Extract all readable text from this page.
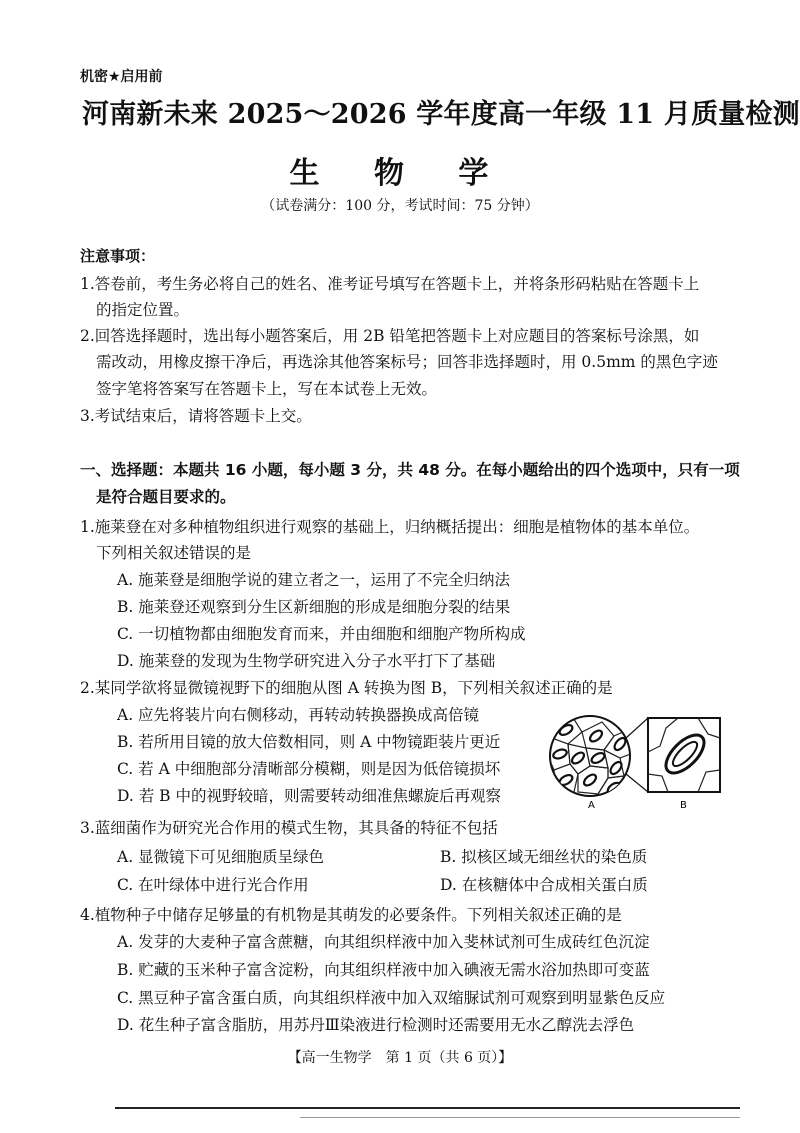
机密★启用前
河南新未来 2025～2026 学年度高一年级 11 月质量检测
生 物 学
（试卷满分：100 分，考试时间：75 分钟）
注意事项：
1.答卷前，考生务必将自己的姓名、准考证号填写在答题卡上，并将条形码粘贴在答题卡上
的指定位置。
2.回答选择题时，选出每小题答案后，用 2B 铅笔把答题卡上对应题目的答案标号涂黑，如
需改动，用橡皮擦干净后，再选涂其他答案标号；回答非选择题时，用 0.5mm 的黑色字迹
签字笔将答案写在答题卡上，写在本试卷上无效。
3.考试结束后，请将答题卡上交。
一、选择题：本题共 16 小题，每小题 3 分，共 48 分。在每小题给出的四个选项中，只有一项
是符合题目要求的。
1.施莱登在对多种植物组织进行观察的基础上，归纳概括提出：细胞是植物体的基本单位。
下列相关叙述错误的是
A. 施莱登是细胞学说的建立者之一，运用了不完全归纳法
B. 施莱登还观察到分生区新细胞的形成是细胞分裂的结果
C. 一切植物都由细胞发育而来，并由细胞和细胞产物所构成
D. 施莱登的发现为生物学研究进入分子水平打下了基础
2.某同学欲将显微镜视野下的细胞从图 A 转换为图 B，下列相关叙述正确的是
A. 应先将装片向右侧移动，再转动转换器换成高倍镜
B. 若所用目镜的放大倍数相同，则 A 中物镜距装片更近
C. 若 A 中细胞部分清晰部分模糊，则是因为低倍镜损坏
D. 若 B 中的视野较暗，则需要转动细准焦螺旋后再观察
A	B
3.蓝细菌作为研究光合作用的模式生物，其具备的特征不包括
A. 显微镜下可见细胞质呈绿色	B. 拟核区域无细丝状的染色质
C. 在叶绿体中进行光合作用	D. 在核糖体中合成相关蛋白质
4.植物种子中储存足够量的有机物是其萌发的必要条件。下列相关叙述正确的是
A. 发芽的大麦种子富含蔗糖，向其组织样液中加入斐林试剂可生成砖红色沉淀
B. 贮藏的玉米种子富含淀粉，向其组织样液中加入碘液无需水浴加热即可变蓝
C. 黑豆种子富含蛋白质，向其组织样液中加入双缩脲试剂可观察到明显紫色反应
D. 花生种子富含脂肪，用苏丹Ⅲ染液进行检测时还需要用无水乙醇洗去浮色
【高一生物学　第 1 页（共 6 页）】
